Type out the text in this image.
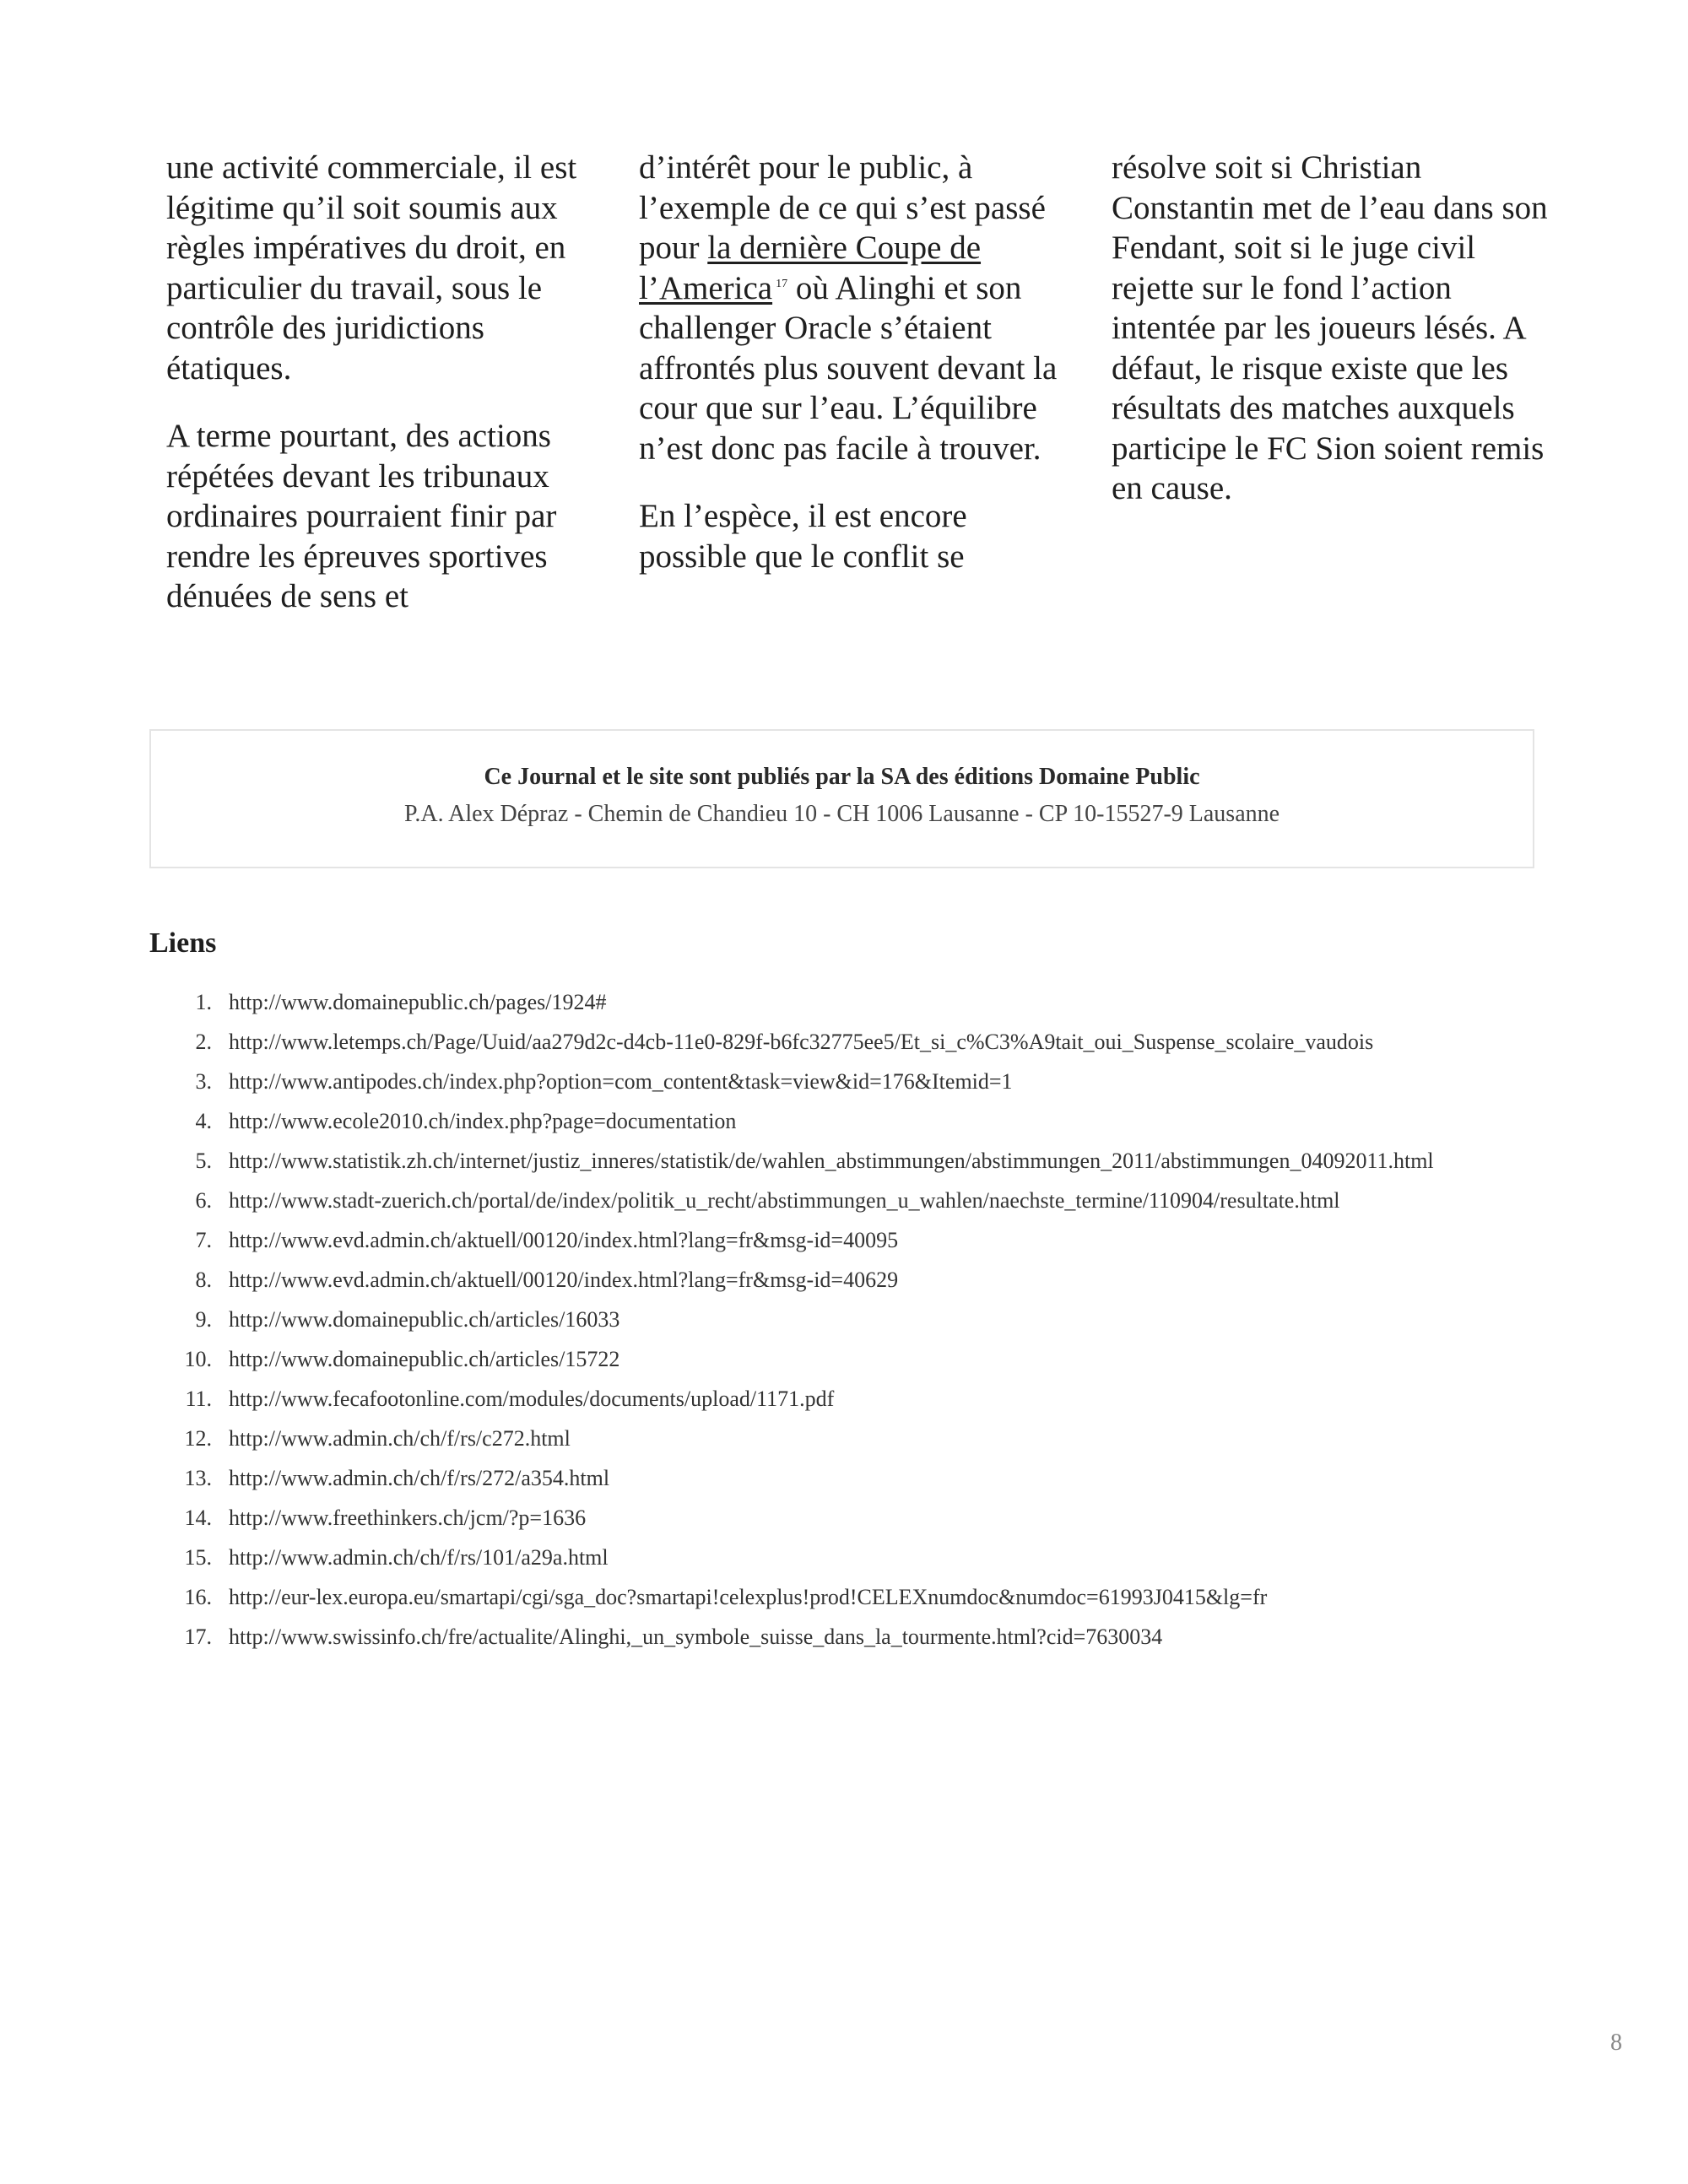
une activité commerciale, il est légitime qu’il soit soumis aux règles impératives du droit, en particulier du travail, sous le contrôle des juridictions étatiques.

A terme pourtant, des actions répétées devant les tribunaux ordinaires pourraient finir par rendre les épreuves sportives dénuées de sens et

d’intérêt pour le public, à l’exemple de ce qui s’est passé pour la dernière Coupe de l’America $^{17}$ où Alinghi et son challenger Oracle s’étaient affrontés plus souvent devant la cour que sur l’eau. L’équilibre n’est donc pas facile à trouver.

En l’espèce, il est encore possible que le conflit se

résolve soit si Christian Constantin met de l’eau dans son Fendant, soit si le juge civil rejette sur le fond l’action intentée par les joueurs lésés. A défaut, le risque existe que les résultats des matches auxquels participe le FC Sion soient remis en cause.

Ce Journal et le site sont publiés par la SA des éditions Domaine Public
P.A. Alex Dépraz - Chemin de Chandieu 10 - CH 1006 Lausanne - CP 10-15527-9 Lausanne
Liens
1. http://www.domainepublic.ch/pages/1924#
2. http://www.letemps.ch/Page/Uuid/aa279d2c-d4cb-11e0-829f-b6fc32775ee5/Et_si_c%C3%A9tait_oui_Suspense_scolaire_vaudois
3. http://www.antipodes.ch/index.php?option=com_content&task=view&id=176&Itemid=1
4. http://www.ecole2010.ch/index.php?page=documentation
5. http://www.statistik.zh.ch/internet/justiz_inneres/statistik/de/wahlen_abstimmungen/abstimmungen_2011/abstimmungen_04092011.html
6. http://www.stadt-zuerich.ch/portal/de/index/politik_u_recht/abstimmungen_u_wahlen/naechste_termine/110904/resultate.html
7. http://www.evd.admin.ch/aktuell/00120/index.html?lang=fr&msg-id=40095
8. http://www.evd.admin.ch/aktuell/00120/index.html?lang=fr&msg-id=40629
9. http://www.domainepublic.ch/articles/16033
10. http://www.domainepublic.ch/articles/15722
11. http://www.fecafootonline.com/modules/documents/upload/1171.pdf
12. http://www.admin.ch/ch/f/rs/c272.html
13. http://www.admin.ch/ch/f/rs/272/a354.html
14. http://www.freethinkers.ch/jcm/?p=1636
15. http://www.admin.ch/ch/f/rs/101/a29a.html
16. http://eur-lex.europa.eu/smartapi/cgi/sga_doc?smartapi!celexplus!prod!CELEXnumdoc&numdoc=61993J0415&lg=fr
17. http://www.swissinfo.ch/fre/actualite/Alinghi,_un_symbole_suisse_dans_la_tourmente.html?cid=7630034
8
